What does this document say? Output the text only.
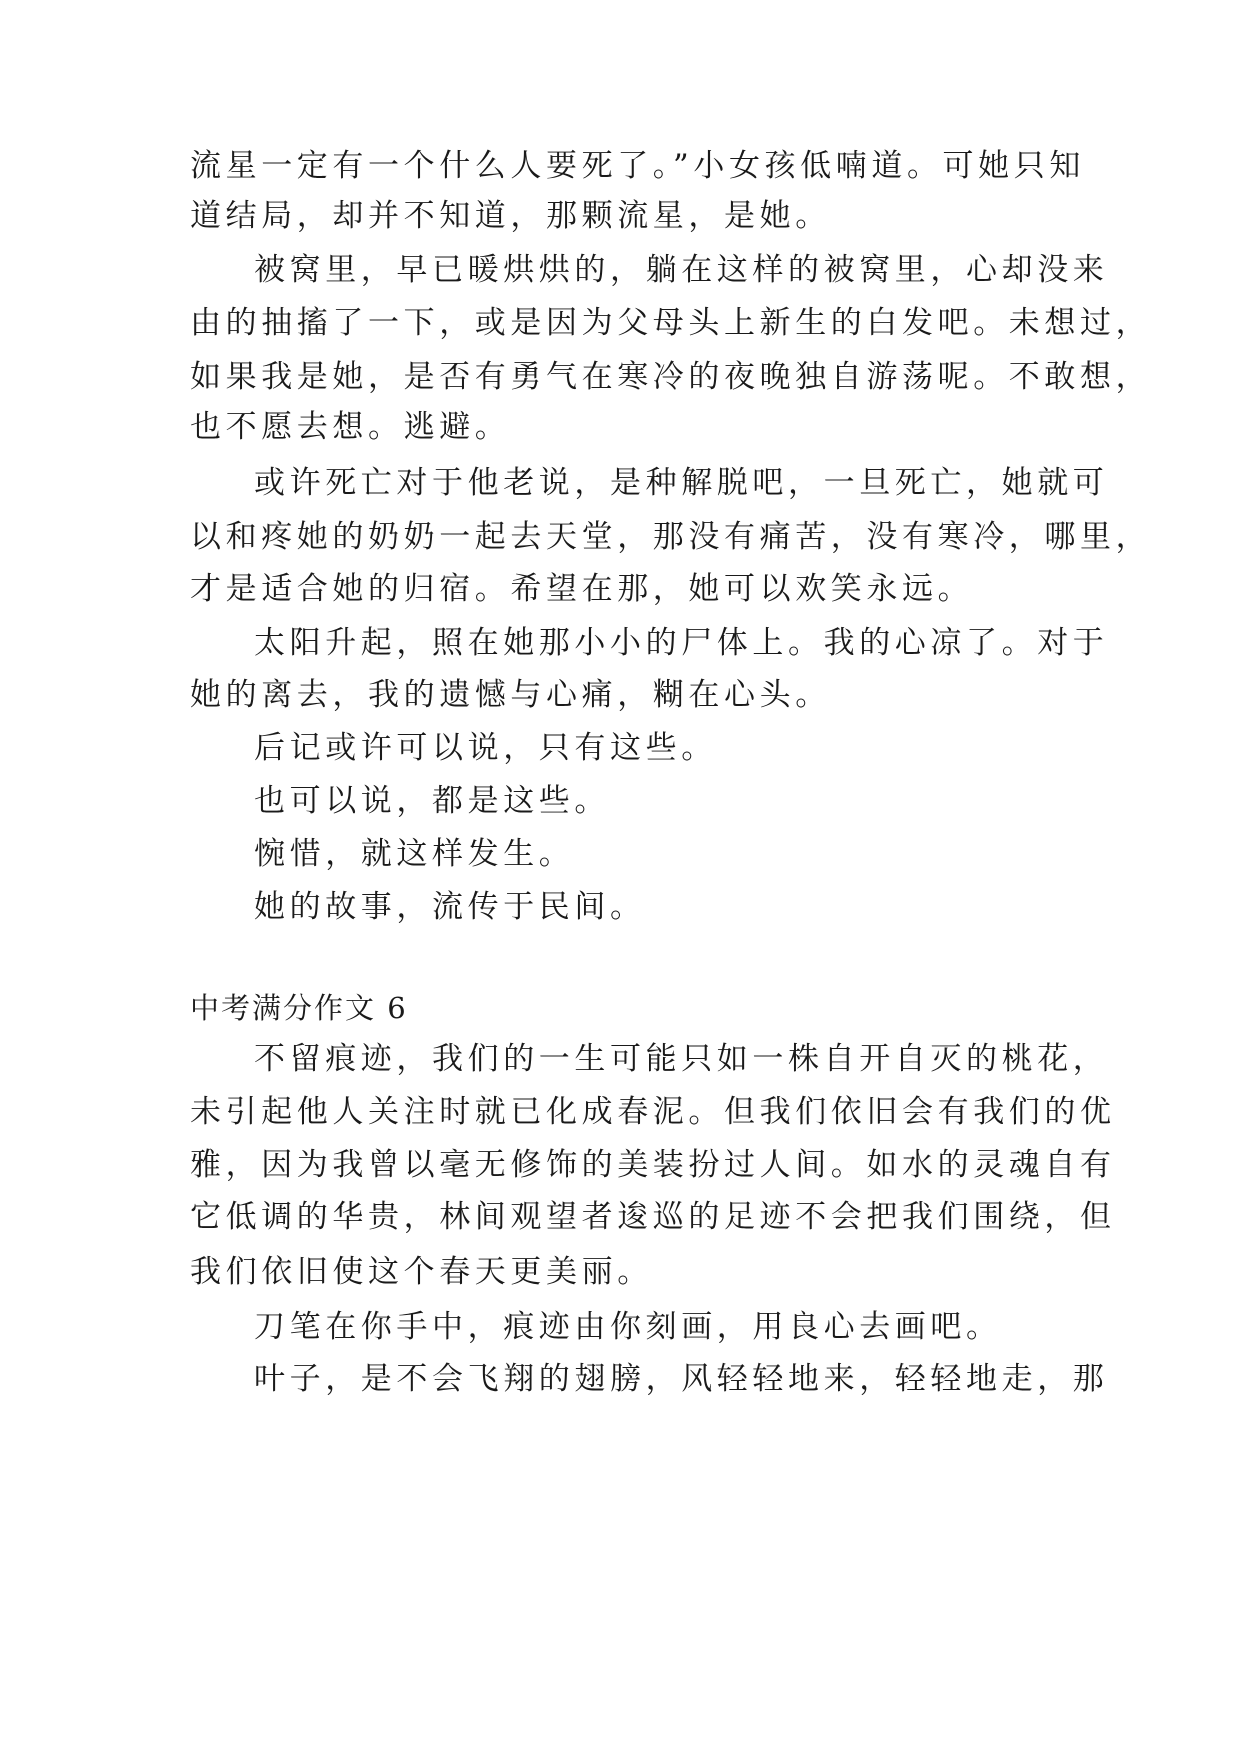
流星一定有一个什么人要死了。”小女孩低喃道。可她只知
道结局，却并不知道，那颗流星，是她。
被窝里，早已暖烘烘的，躺在这样的被窝里，心却没来
由的抽搐了一下，或是因为父母头上新生的白发吧。未想过，
如果我是她，是否有勇气在寒冷的夜晚独自游荡呢。不敢想，
也不愿去想。逃避。
或许死亡对于他老说，是种解脱吧，一旦死亡，她就可
以和疼她的奶奶一起去天堂，那没有痛苦，没有寒冷，哪里，
才是适合她的归宿。希望在那，她可以欢笑永远。
太阳升起，照在她那小小的尸体上。我的心凉了。对于
她的离去，我的遗憾与心痛，糊在心头。
后记或许可以说，只有这些。
也可以说，都是这些。
惋惜，就这样发生。
她的故事，流传于民间。
中考满分作文 6
不留痕迹，我们的一生可能只如一株自开自灭的桃花，
未引起他人关注时就已化成春泥。但我们依旧会有我们的优
雅，因为我曾以毫无修饰的美装扮过人间。如水的灵魂自有
它低调的华贵，林间观望者逡巡的足迹不会把我们围绕，但
我们依旧使这个春天更美丽。
刀笔在你手中，痕迹由你刻画，用良心去画吧。
叶子，是不会飞翔的翅膀，风轻轻地来，轻轻地走，那
